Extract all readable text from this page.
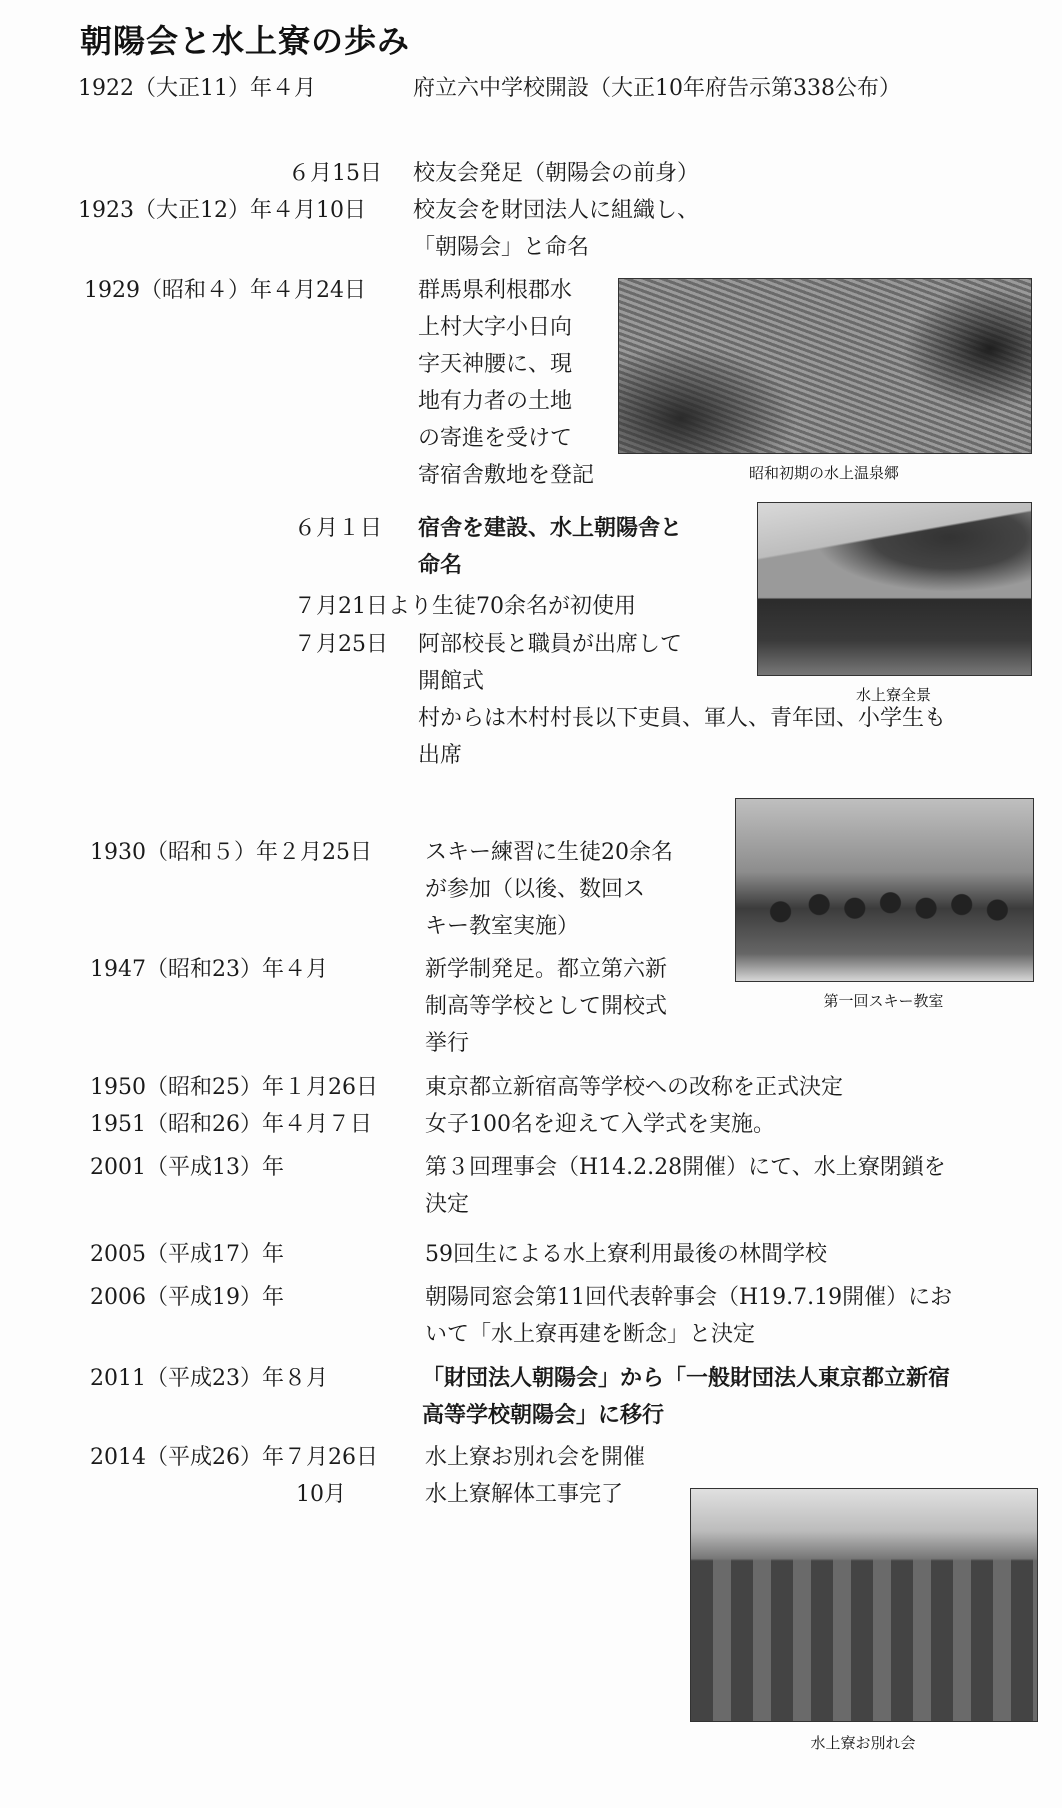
朝陽会と水上寮の歩み
1922（大正11）年４月	府立六中学校開設（大正10年府告示第338公布）
６月15日 校友会発足（朝陽会の前身）
1923（大正12）年４月10日 校友会を財団法人に組織し、
「朝陽会」と命名
1929（昭和４）年４月24日 群馬県利根郡水
上村大字小日向
字天神腰に、現
地有力者の土地
の寄進を受けて
寄宿舎敷地を登記	昭和初期の水上温泉郷
６月１日 宿舎を建設、水上朝陽舎と
命名
水上寮全景
７月21日より生徒70余名が初使用
７月25日 阿部校長と職員が出席して
開館式
村からは木村村長以下吏員、軍人、青年団、小学生も
出席
第一回スキー教室
1930（昭和５）年２月25日 スキー練習に生徒20余名
が参加（以後、数回ス
キー教室実施）
1947（昭和23）年４月	新学制発足。都立第六新
制高等学校として開校式
挙行
1950（昭和25）年１月26日 東京都立新宿高等学校への改称を正式決定
1951（昭和26）年４月７日 女子100名を迎えて入学式を実施。
2001（平成13）年	第３回理事会（H14.2.28開催）にて、水上寮閉鎖を
決定
2005（平成17）年	59回生による水上寮利用最後の林間学校
2006（平成19）年	朝陽同窓会第11回代表幹事会（H19.7.19開催）にお
いて「水上寮再建を断念」と決定
2011（平成23）年８月	「財団法人朝陽会」から「一般財団法人東京都立新宿
高等学校朝陽会」に移行
2014（平成26）年７月26日 水上寮お別れ会を開催
10月	水上寮解体工事完了
水上寮お別れ会
